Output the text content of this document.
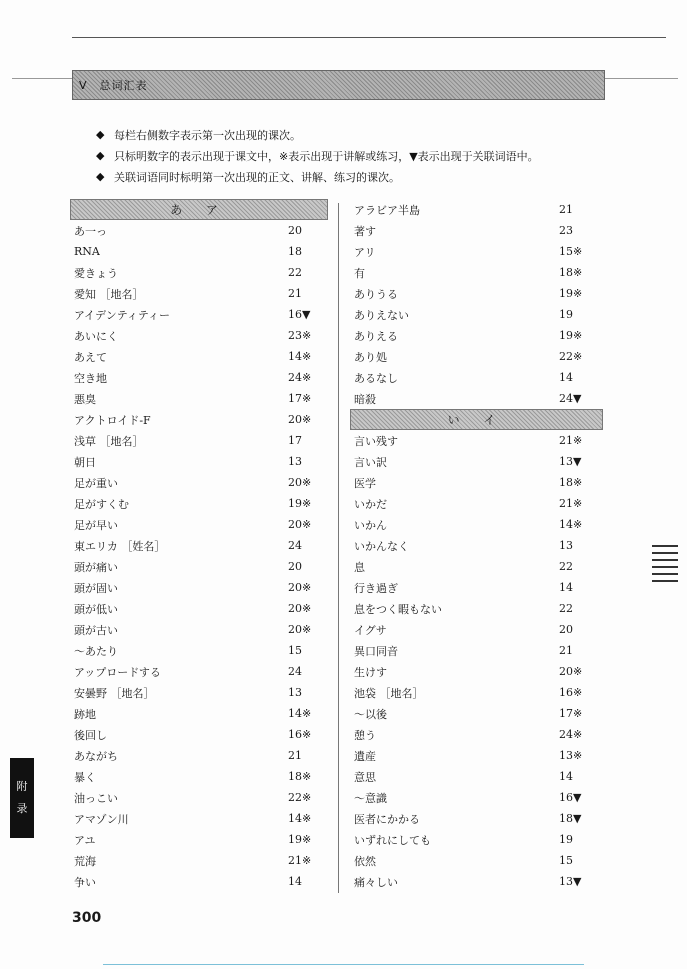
V　总词汇表
◆ 每栏右侧数字表示第一次出现的课次。
◆ 只标明数字的表示出现于课文中，※表示出现于讲解或练习，▼表示出现于关联词语中。
◆ 关联词语同时标明第一次出现的正文、讲解、练习的课次。
あ ア
あ一っ	20
RNA	18
愛きょう	22
愛知 ［地名］	21
アイデンティティー	16▼
あいにく	23※
あえて	14※
空き地	24※
悪臭	17※
アクトロイド-F	20※
浅草 ［地名］	17
朝日	13
足が重い	20※
足がすくむ	19※
足が早い	20※
東エリカ ［姓名］	24
頭が痛い	20
頭が固い	20※
頭が低い	20※
頭が古い	20※
～あたり	15
アップロードする	24
安曇野 ［地名］	13
跡地	14※
後回し	16※
あながち	21
暴く	18※
油っこい	22※
アマゾン川	14※
アユ	19※
荒海	21※
争い	14
アラビア半島	21
著す	23
アリ	15※
有	18※
ありうる	19※
ありえない	19
ありえる	19※
あり処	22※
あるなし	14
暗殺	24▼
い イ
言い残す	21※
言い訳	13▼
医学	18※
いかだ	21※
いかん	14※
いかんなく	13
息	22
行き過ぎ	14
息をつく暇もない	22
イグサ	20
異口同音	21
生けす	20※
池袋 ［地名］	16※
～以後	17※
憩う	24※
遺産	13※
意思	14
～意識	16▼
医者にかかる	18▼
いずれにしても	19
依然	15
痛々しい	13▼
附
录
300
